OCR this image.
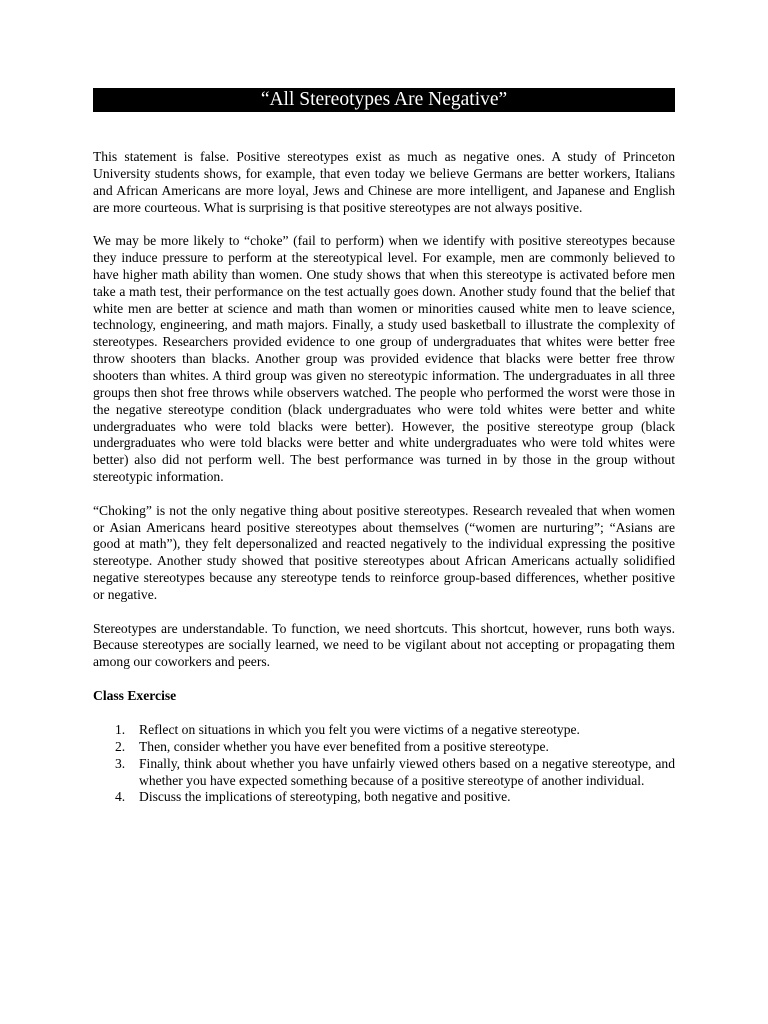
“All Stereotypes Are Negative”

This statement is false. Positive stereotypes exist as much as negative ones. A study of Princeton University students shows, for example, that even today we believe Germans are better workers, Italians and African Americans are more loyal, Jews and Chinese are more intelligent, and Japanese and English are more courteous. What is surprising is that positive stereotypes are not always positive.

We may be more likely to “choke” (fail to perform) when we identify with positive stereotypes because they induce pressure to perform at the stereotypical level. For example, men are commonly believed to have higher math ability than women. One study shows that when this stereotype is activated before men take a math test, their performance on the test actually goes down. Another study found that the belief that white men are better at science and math than women or minorities caused white men to leave science, technology, engineering, and math majors. Finally, a study used basketball to illustrate the complexity of stereotypes. Researchers provided evidence to one group of undergraduates that whites were better free throw shooters than blacks. Another group was provided evidence that blacks were better free throw shooters than whites. A third group was given no stereotypic information. The undergraduates in all three groups then shot free throws while observers watched. The people who performed the worst were those in the negative stereotype condition (black undergraduates who were told whites were better and white undergraduates who were told blacks were better). However, the positive stereotype group (black undergraduates who were told blacks were better and white undergraduates who were told whites were better) also did not perform well. The best performance was turned in by those in the group without stereotypic information.

“Choking” is not the only negative thing about positive stereotypes. Research revealed that when women or Asian Americans heard positive stereotypes about themselves (“women are nurturing”; “Asians are good at math”), they felt depersonalized and reacted negatively to the individual expressing the positive stereotype. Another study showed that positive stereotypes about African Americans actually solidified negative stereotypes because any stereotype tends to reinforce group-based differences, whether positive or negative.

Stereotypes are understandable. To function, we need shortcuts. This shortcut, however, runs both ways. Because stereotypes are socially learned, we need to be vigilant about not accepting or propagating them among our coworkers and peers.

Class Exercise
1.	Reflect on situations in which you felt you were victims of a negative stereotype.
2.	Then, consider whether you have ever benefited from a positive stereotype.
3.	Finally, think about whether you have unfairly viewed others based on a negative stereotype, and whether you have expected something because of a positive stereotype of another individual.
4.	Discuss the implications of stereotyping, both negative and positive.
